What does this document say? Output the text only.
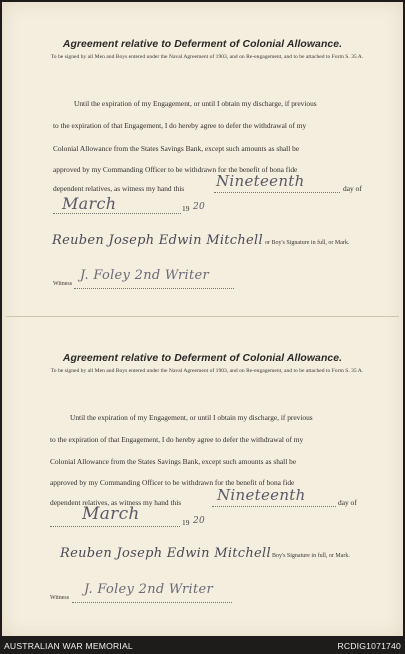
Agreement relative to Deferment of Colonial Allowance.
To be signed by all Men and Boys entered under the Naval Agreement of 1903, and on Re-engagement, and to be attached to Form S. 35 A.
Until the expiration of my Engagement, or until I obtain my discharge, if previous
to the expiration of that Engagement, I do hereby agree to defer the withdrawal of my
Colonial Allowance from the States Savings Bank, except such amounts as shall be
approved by my Commanding Officer to be withdrawn for the benefit of bona fide
dependent relatives, as witness my hand this Nineteenth	day of
March	19 20
Reuben Joseph Edwin Mitchell or Boy's Signature in full, or Mark.
Witness
J. Foley 2nd Writer
Agreement relative to Deferment of Colonial Allowance.
To be signed by all Men and Boys entered under the Naval Agreement of 1903, and on Re-engagement, and to be attached to Form S. 35 A.
Until the expiration of my Engagement, or until I obtain my discharge, if previous
to the expiration of that Engagement, I do hereby agree to defer the withdrawal of my
Colonial Allowance from the States Savings Bank, except such amounts as shall be
approved by my Commanding Officer to be withdrawn for the benefit of bona fide
dependent relatives, as witness my hand this Nineteenth	day of
March	19 20
Reuben Joseph Edwin Mitchell Boy's Signature in full, or Mark.
Witness
J. Foley 2nd Writer
AUSTRALIAN WAR MEMORIAL	RCDIG1071740
